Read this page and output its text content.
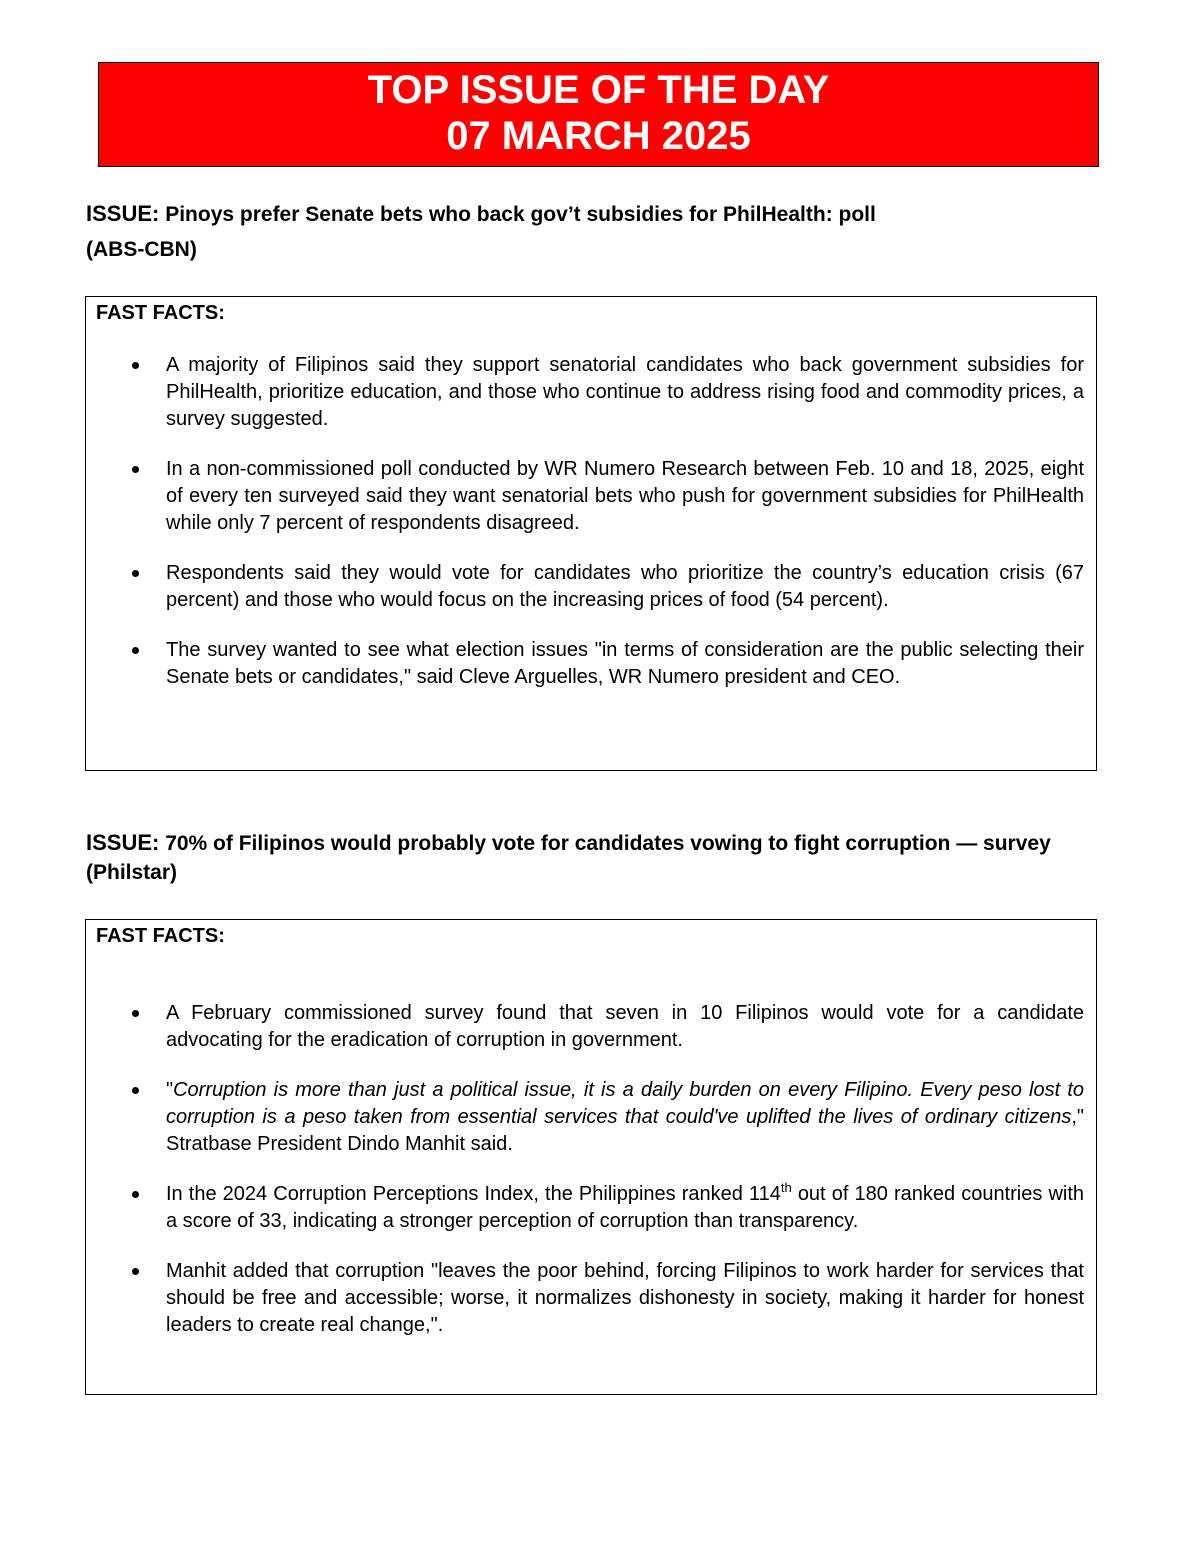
TOP ISSUE OF THE DAY
07 MARCH 2025
ISSUE: Pinoys prefer Senate bets who back gov’t subsidies for PhilHealth: poll
(ABS-CBN)
FAST FACTS:
A majority of Filipinos said they support senatorial candidates who back government subsidies for PhilHealth, prioritize education, and those who continue to address rising food and commodity prices, a survey suggested.
In a non-commissioned poll conducted by WR Numero Research between Feb. 10 and 18, 2025, eight of every ten surveyed said they want senatorial bets who push for government subsidies for PhilHealth while only 7 percent of respondents disagreed.
Respondents said they would vote for candidates who prioritize the country’s education crisis (67 percent) and those who would focus on the increasing prices of food (54 percent).
The survey wanted to see what election issues "in terms of consideration are the public selecting their Senate bets or candidates," said Cleve Arguelles, WR Numero president and CEO.
ISSUE: 70% of Filipinos would probably vote for candidates vowing to fight corruption — survey (Philstar)
FAST FACTS:
A February commissioned survey found that seven in 10 Filipinos would vote for a candidate advocating for the eradication of corruption in government.
"Corruption is more than just a political issue, it is a daily burden on every Filipino. Every peso lost to corruption is a peso taken from essential services that could've uplifted the lives of ordinary citizens," Stratbase President Dindo Manhit said.
In the 2024 Corruption Perceptions Index, the Philippines ranked 114th out of 180 ranked countries with a score of 33, indicating a stronger perception of corruption than transparency.
Manhit added that corruption "leaves the poor behind, forcing Filipinos to work harder for services that should be free and accessible; worse, it normalizes dishonesty in society, making it harder for honest leaders to create real change,".
